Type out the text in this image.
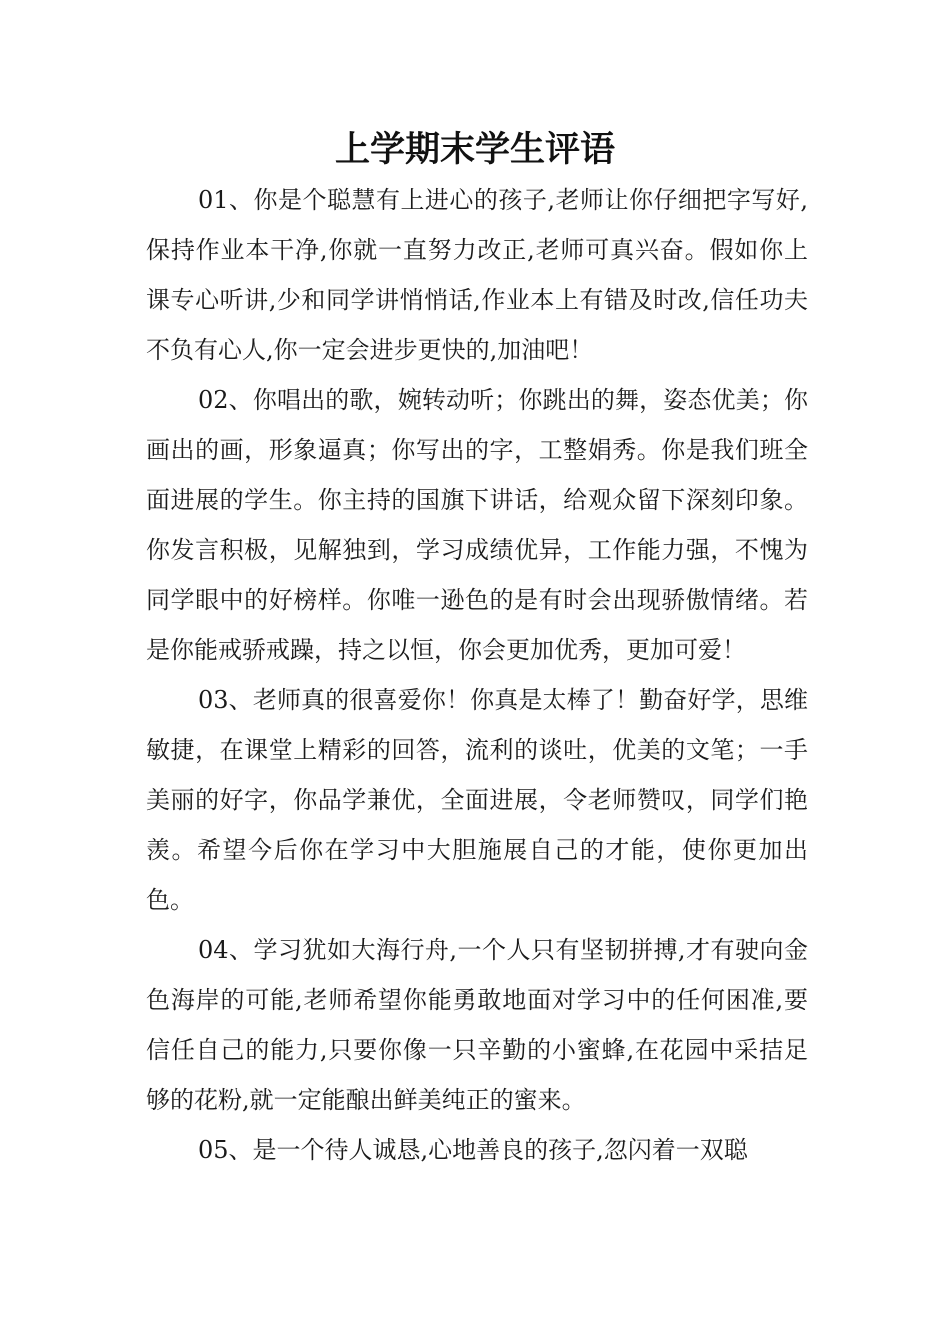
上学期末学生评语

01、你是个聪慧有上进心的孩子,老师让你仔细把字写好,保持作业本干净,你就一直努力改正,老师可真兴奋。假如你上课专心听讲,少和同学讲悄悄话,作业本上有错及时改,信任功夫不负有心人,你一定会进步更快的,加油吧！

02、你唱出的歌，婉转动听；你跳出的舞，姿态优美；你画出的画，形象逼真；你写出的字，工整娟秀。你是我们班全面进展的学生。你主持的国旗下讲话，给观众留下深刻印象。你发言积极，见解独到，学习成绩优异，工作能力强，不愧为同学眼中的好榜样。你唯一逊色的是有时会出现骄傲情绪。若是你能戒骄戒躁，持之以恒，你会更加优秀，更加可爱！

03、老师真的很喜爱你！你真是太棒了！勤奋好学，思维敏捷，在课堂上精彩的回答，流利的谈吐，优美的文笔；一手美丽的好字，你品学兼优，全面进展，令老师赞叹，同学们艳羡。希望今后你在学习中大胆施展自己的才能，使你更加出色。

04、学习犹如大海行舟,一个人只有坚韧拼搏,才有驶向金色海岸的可能,老师希望你能勇敢地面对学习中的任何困准,要信任自己的能力,只要你像一只辛勤的小蜜蜂,在花园中采拮足够的花粉,就一定能酿出鲜美纯正的蜜来。

05、是一个待人诚恳,心地善良的孩子,忽闪着一双聪
